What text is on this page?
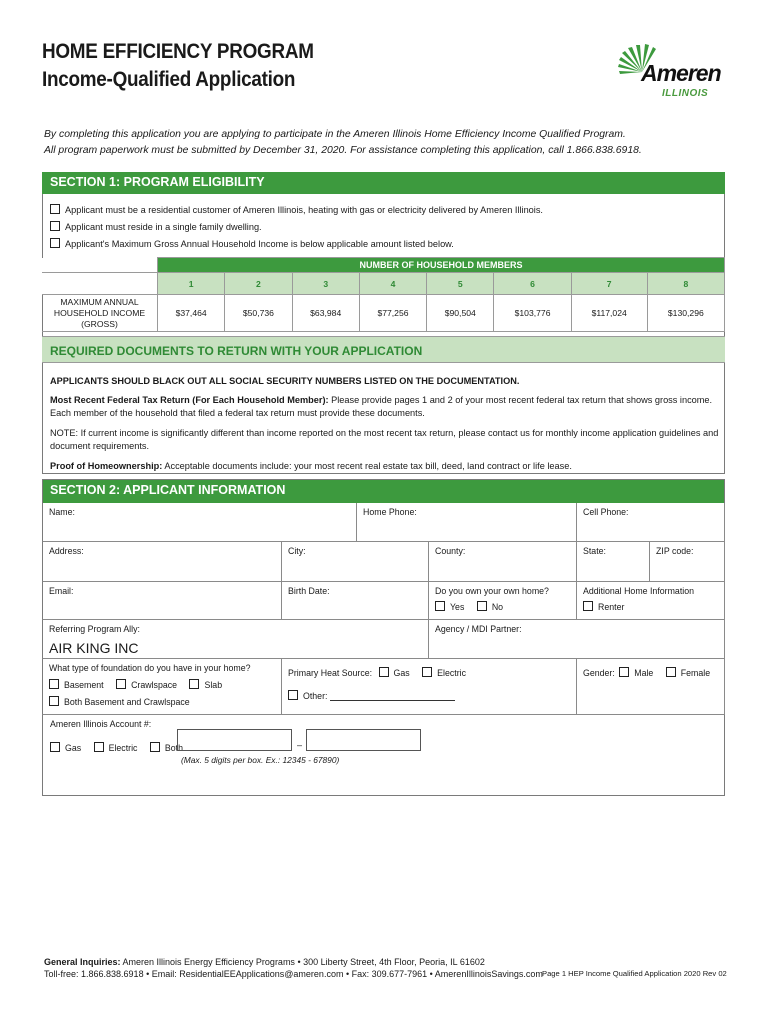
HOME EFFICIENCY PROGRAM
Income-Qualified Application	Ameren
ILLINOIS
By completing this application you are applying to participate in the Ameren Illinois Home Efficiency Income Qualified Program.
All program paperwork must be submitted by December 31, 2020. For assistance completing this application, call 1.866.838.6918.
SECTION 1: PROGRAM ELIGIBILITY
Applicant must be a residential customer of Ameren Illinois, heating with gas or electricity delivered by Ameren Illinois.
Applicant must reside in a single family dwelling.
Applicant's Maximum Gross Annual Household Income is below applicable amount listed below.
	NUMBER OF HOUSEHOLD MEMBERS							
	1	2	3	4	5	6	7	8

MAXIMUM ANNUAL
HOUSEHOLD INCOME
(GROSS)	$37,464	$50,736	$63,984	$77,256	$90,504	$103,776	$117,024	$130,296
REQUIRED DOCUMENTS TO RETURN WITH YOUR APPLICATION
APPLICANTS SHOULD BLACK OUT ALL SOCIAL SECURITY NUMBERS LISTED ON THE DOCUMENTATION.
Most Recent Federal Tax Return (For Each Household Member): Please provide pages 1 and 2 of your most recent federal tax return that shows gross income.
Each member of the household that filed a federal tax return must provide these documents.
NOTE: If current income is significantly different than income reported on the most recent tax return, please contact us for monthly income application guidelines and
document requirements.
Proof of Homeownership: Acceptable documents include: your most recent real estate tax bill, deed, land contract or life lease.
SECTION 2: APPLICANT INFORMATION
Name:	Home Phone:	Cell Phone:
Address:	City:	County:	State:	ZIP code:
Email:	Birth Date:	Do you own your own home?
Yes	No
Additional Home Information
Renter
Referring Program Ally:
AIR KING INC
Agency / MDI Partner:
What type of foundation do you have in your home?
Basement	Crawlspace	Slab
Both Basement and Crawlspace
Primary Heat Source: Gas	Electric
Other:
Gender: Male	Female
Ameren Illinois Account #:
Gas	Electric	Both	–
(Max. 5 digits per box. Ex.: 12345 - 67890)
General Inquiries: Ameren Illinois Energy Efficiency Programs • 300 Liberty Street, 4th Floor, Peoria, IL 61602
Toll-free: 1.866.838.6918 • Email: ResidentialEEApplications@ameren.com • Fax: 309.677-7961 • AmerenIllinoisSavings.com Page 1 HEP Income Qualified Application 2020 Rev 02
